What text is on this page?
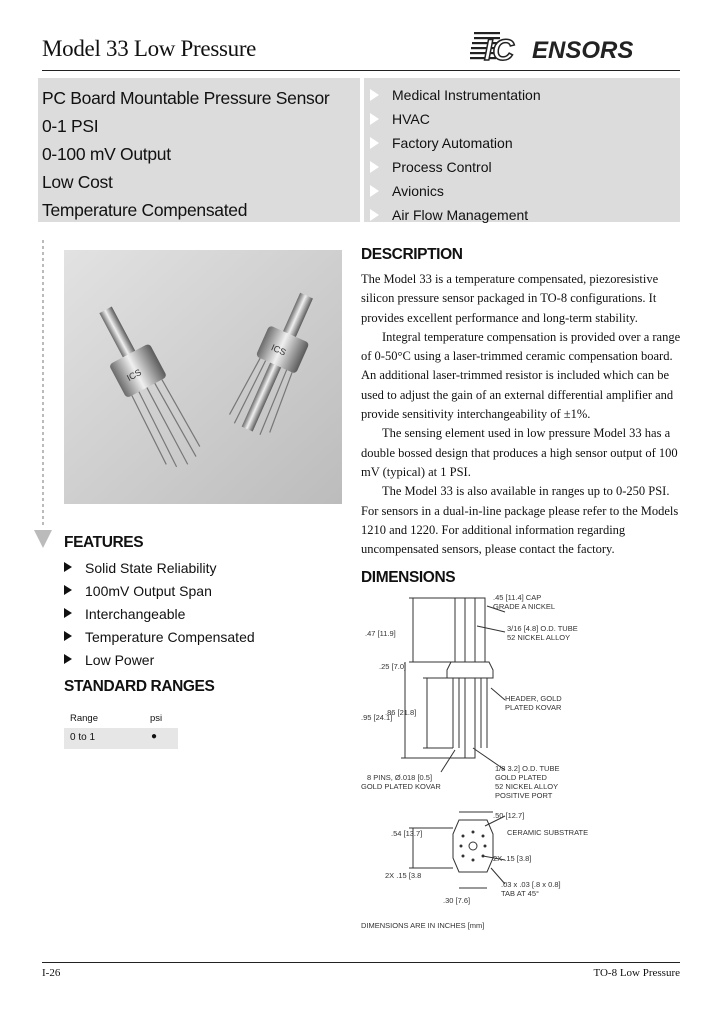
Model 33 Low Pressure	IC ENSORS
PC Board Mountable Pressure Sensor
0-1 PSI
0-100 mV Output
Low Cost
Temperature Compensated
Medical Instrumentation
HVAC
Factory Automation
Process Control
Avionics
Air Flow Management
ICS
ICS
FEATURES
Solid State Reliability
100mV Output Span
Interchangeable
Temperature Compensated
Low Power
STANDARD RANGES
Range	psi
0 to 1	●
DESCRIPTION

The Model 33 is a temperature compensated, piezoresistive silicon pressure sensor packaged in TO-8 configurations. It provides excellent performance and long-term stability.

Integral temperature compensation is provided over a range of 0-50°C using a laser-trimmed ceramic compensation board. An additional laser-trimmed resistor is included which can be used to adjust the gain of an external differential amplifier and provide sensitivity interchangeability of ±1%.

The sensing element used in low pressure Model 33 has a double bossed design that produces a high sensor output of 100 mV (typical) at 1 PSI.

The Model 33 is also available in ranges up to 0-250 PSI. For sensors in a dual-in-line package please refer to the Models 1210 and 1220. For additional information regarding uncompensated sensors, please contact the factory.

DIMENSIONS
.45 [11.4] CAP
GRADE A NICKEL
3/16 [4.8] O.D. TUBE
52 NICKEL ALLOY
.47 [11.9]
.25 [7.0]
HEADER, GOLD
PLATED KOVAR
.95 [24.1]
.86 [21.8]
1/8 3.2] O.D. TUBE
GOLD PLATED
52 NICKEL ALLOY
POSITIVE PORT
8 PINS, Ø.018 [0.5]
GOLD PLATED KOVAR
.50 [12.7]
.54 [13.7]	CERAMIC SUBSTRATE
2X .15 [3.8]
2X .15 [3.8
.03 x .03 [.8 x 0.8]
TAB AT 45°
.30 [7.6]
DIMENSIONS ARE IN INCHES [mm]
I-26	TO-8 Low Pressure
